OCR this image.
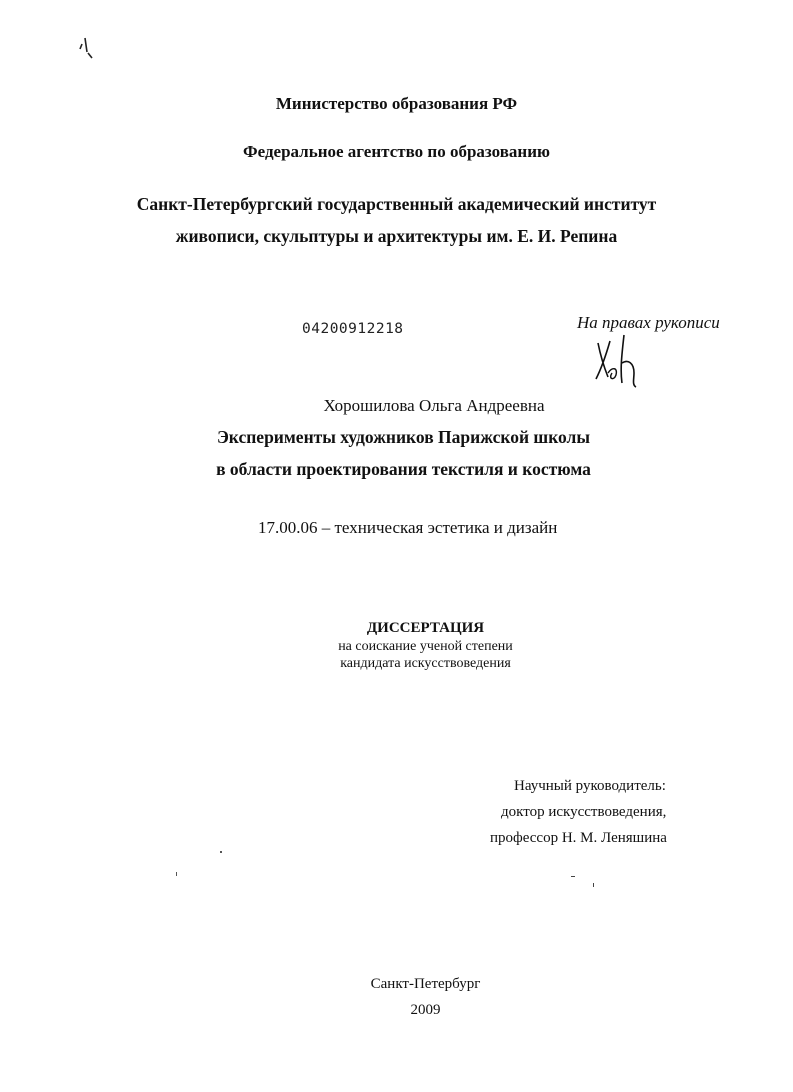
Министерство образования РФ
Федеральное агентство по образованию
Санкт-Петербургский государственный академический институт
живописи, скульптуры и архитектуры им. Е. И. Репина
04200912218	На правах рукописи
Хорошилова Ольга Андреевна
Эксперименты художников Парижской школы
в области проектирования текстиля и костюма
17.00.06 – техническая эстетика и дизайн
ДИССЕРТАЦИЯ
на соискание ученой степени
кандидата искусствоведения
Научный руководитель:
доктор искусствоведения,
профессор Н. М. Леняшина
Санкт-Петербург
2009
